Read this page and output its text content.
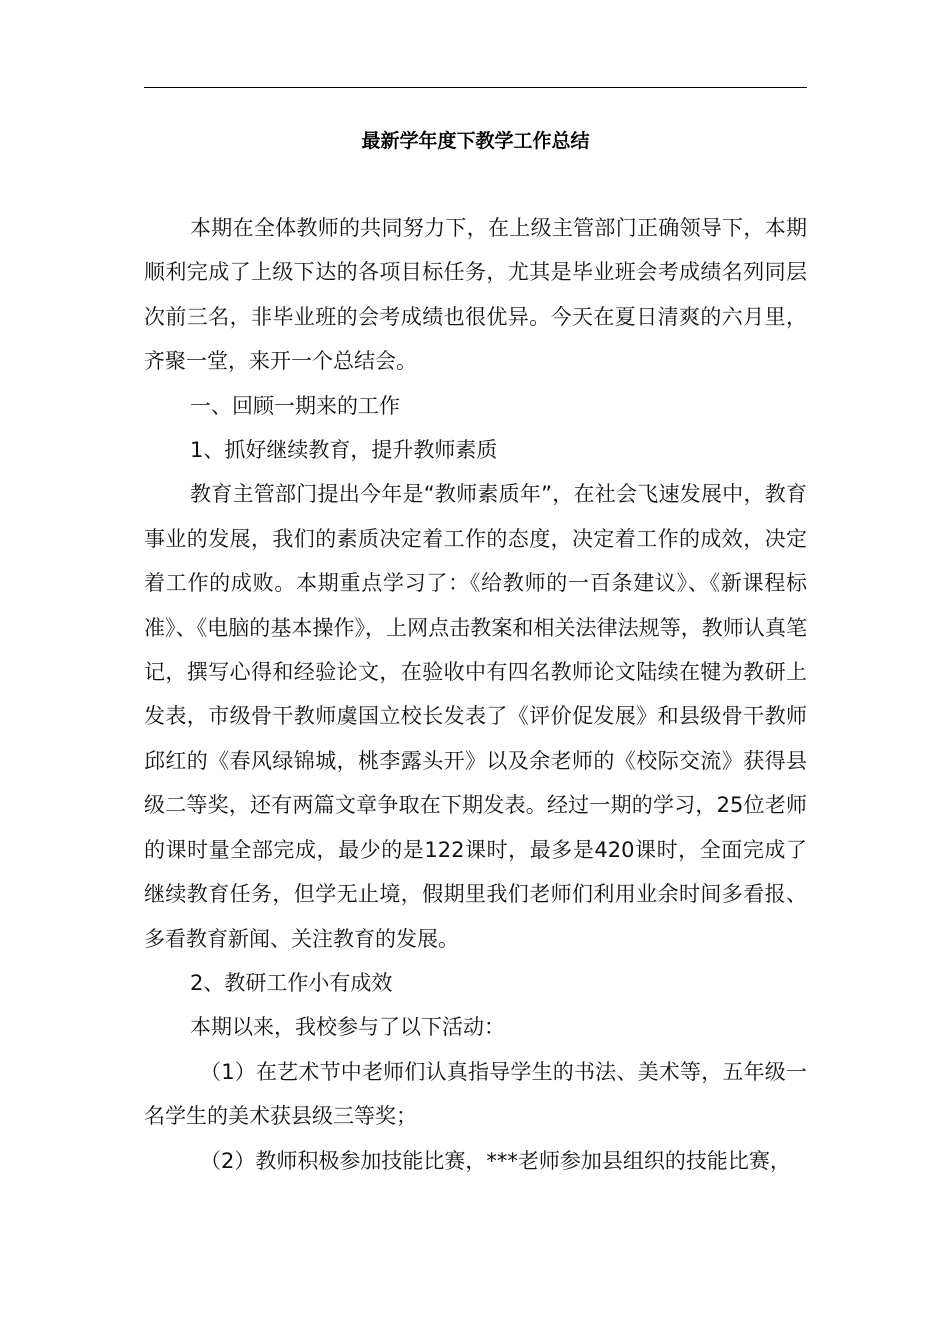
最新学年度下教学工作总结

本期在全体教师的共同努力下，在上级主管部门正确领导下，本期顺利完成了上级下达的各项目标任务，尤其是毕业班会考成绩名列同层次前三名，非毕业班的会考成绩也很优异。今天在夏日清爽的六月里，齐聚一堂，来开一个总结会。

一、回顾一期来的工作

1、抓好继续教育，提升教师素质

教育主管部门提出今年是“教师素质年”，在社会飞速发展中，教育事业的发展，我们的素质决定着工作的态度，决定着工作的成效，决定着工作的成败。本期重点学习了：《给教师的一百条建议》、《新课程标准》、《电脑的基本操作》，上网点击教案和相关法律法规等，教师认真笔记，撰写心得和经验论文，在验收中有四名教师论文陆续在犍为教研上发表，市级骨干教师虞国立校长发表了《评价促发展》和县级骨干教师邱红的《春风绿锦城，桃李露头开》以及余老师的《校际交流》获得县级二等奖，还有两篇文章争取在下期发表。经过一期的学习，25位老师的课时量全部完成，最少的是122课时，最多是420课时，全面完成了继续教育任务，但学无止境，假期里我们老师们利用业余时间多看报、多看教育新闻、关注教育的发展。

2、教研工作小有成效

本期以来，我校参与了以下活动：

（1）在艺术节中老师们认真指导学生的书法、美术等，五年级一名学生的美术获县级三等奖；

（2）教师积极参加技能比赛，***老师参加县组织的技能比赛，
